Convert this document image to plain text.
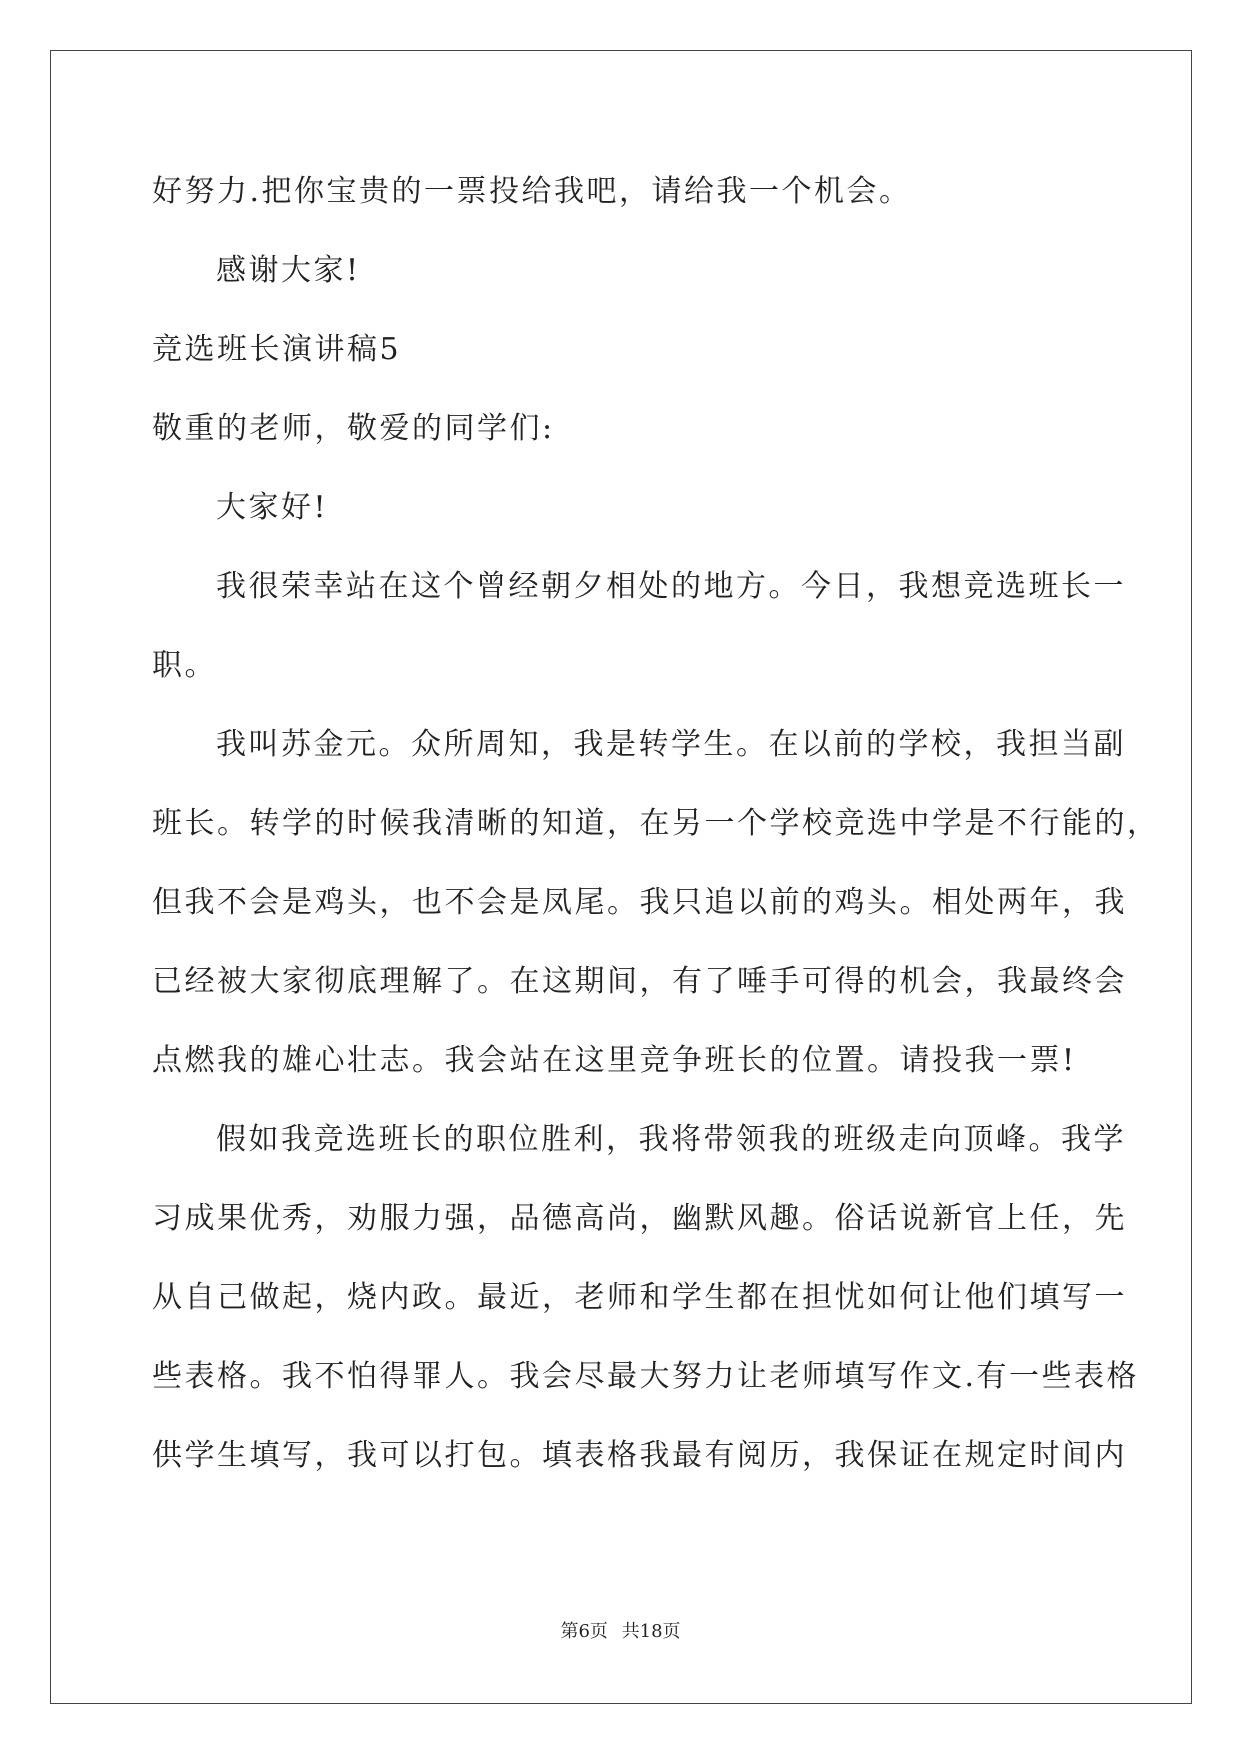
好努力.把你宝贵的一票投给我吧，请给我一个机会。
感谢大家!
竞选班长演讲稿5
敬重的老师，敬爱的同学们:
大家好!
我很荣幸站在这个曾经朝夕相处的地方。今日，我想竞选班长一
职。
我叫苏金元。众所周知，我是转学生。在以前的学校，我担当副
班长。转学的时候我清晰的知道，在另一个学校竞选中学是不行能的，
但我不会是鸡头，也不会是凤尾。我只追以前的鸡头。相处两年，我
已经被大家彻底理解了。在这期间，有了唾手可得的机会，我最终会
点燃我的雄心壮志。我会站在这里竞争班长的位置。请投我一票!
假如我竞选班长的职位胜利，我将带领我的班级走向顶峰。我学
习成果优秀，劝服力强，品德高尚，幽默风趣。俗话说新官上任，先
从自己做起，烧内政。最近，老师和学生都在担忧如何让他们填写一
些表格。我不怕得罪人。我会尽最大努力让老师填写作文.有一些表格
供学生填写，我可以打包。填表格我最有阅历，我保证在规定时间内
第6页 共18页
